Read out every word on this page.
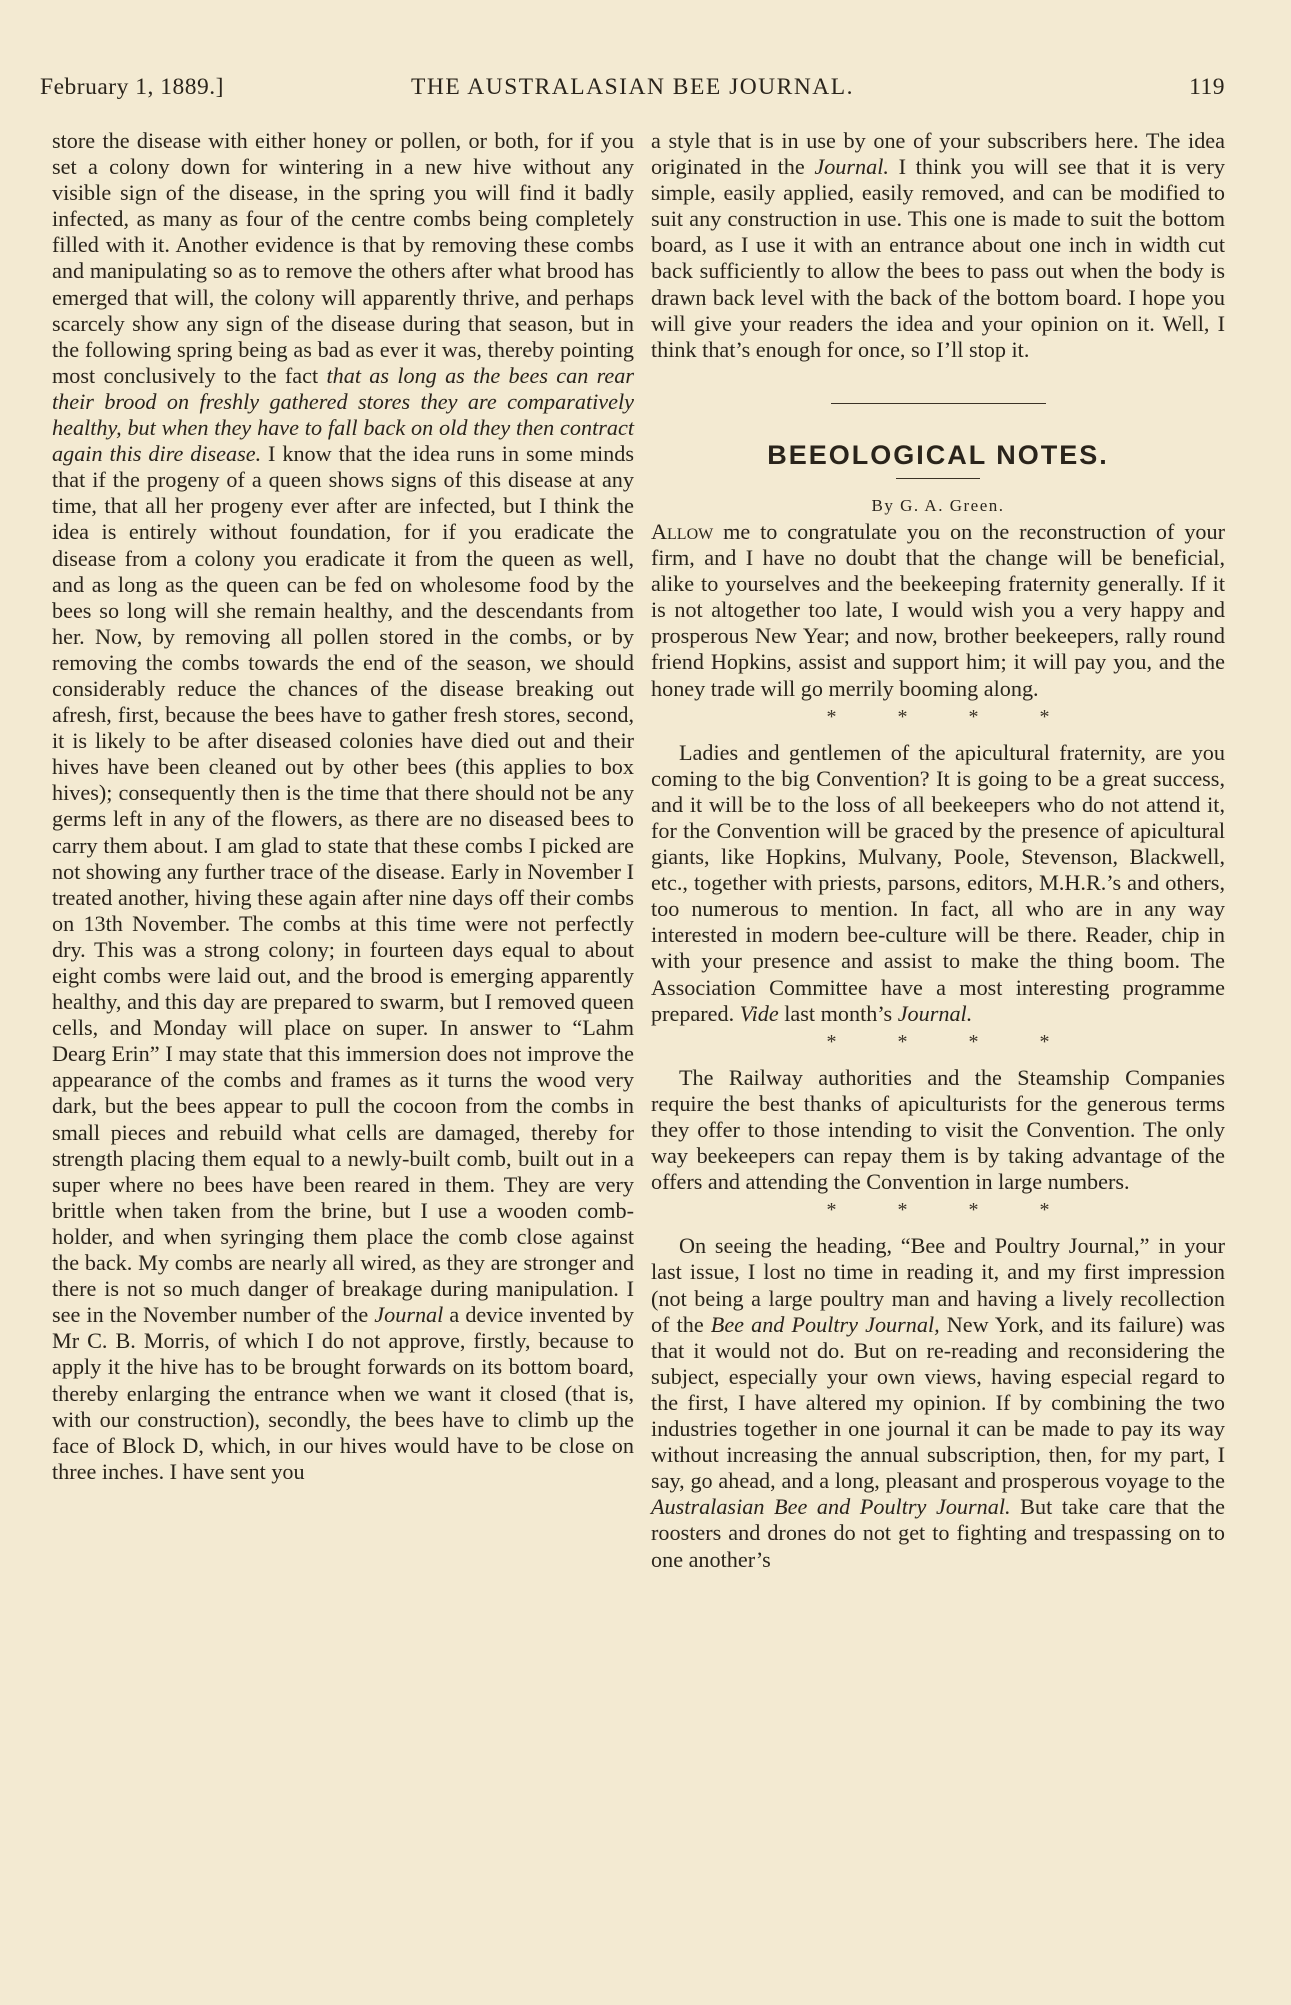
February 1, 1889.]	THE AUSTRALASIAN BEE JOURNAL.	119

store the disease with either honey or pollen, or both, for if you set a colony down for wintering in a new hive without any visible sign of the disease, in the spring you will find it badly infected, as many as four of the centre combs being completely filled with it. Another evidence is that by removing these combs and manipulating so as to remove the others after what brood has emerged that will, the colony will apparently thrive, and perhaps scarcely show any sign of the disease during that season, but in the following spring being as bad as ever it was, thereby pointing most conclusively to the fact that as long as the bees can rear their brood on freshly gathered stores they are comparatively healthy, but when they have to fall back on old they then contract again this dire disease. I know that the idea runs in some minds that if the progeny of a queen shows signs of this disease at any time, that all her progeny ever after are infected, but I think the idea is entirely without foundation, for if you eradicate the disease from a colony you eradicate it from the queen as well, and as long as the queen can be fed on wholesome food by the bees so long will she remain healthy, and the descendants from her. Now, by removing all pollen stored in the combs, or by removing the combs towards the end of the season, we should considerably reduce the chances of the disease breaking out afresh, first, because the bees have to gather fresh stores, second, it is likely to be after diseased colonies have died out and their hives have been cleaned out by other bees (this applies to box hives); consequently then is the time that there should not be any germs left in any of the flowers, as there are no diseased bees to carry them about. I am glad to state that these combs I picked are not showing any further trace of the disease. Early in November I treated another, hiving these again after nine days off their combs on 13th November. The combs at this time were not perfectly dry. This was a strong colony; in fourteen days equal to about eight combs were laid out, and the brood is emerging apparently healthy, and this day are prepared to swarm, but I removed queen cells, and Monday will place on super. In answer to “Lahm Dearg Erin” I may state that this immersion does not improve the appearance of the combs and frames as it turns the wood very dark, but the bees appear to pull the cocoon from the combs in small pieces and rebuild what cells are damaged, thereby for strength placing them equal to a newly-built comb, built out in a super where no bees have been reared in them. They are very brittle when taken from the brine, but I use a wooden comb-holder, and when syringing them place the comb close against the back. My combs are nearly all wired, as they are stronger and there is not so much danger of breakage during manipulation. I see in the November number of the Journal a device invented by Mr C. B. Morris, of which I do not approve, firstly, because to apply it the hive has to be brought forwards on its bottom board, thereby enlarging the entrance when we want it closed (that is, with our construction), secondly, the bees have to climb up the face of Block D, which, in our hives would have to be close on three inches. I have sent you

a style that is in use by one of your subscribers here. The idea originated in the Journal. I think you will see that it is very simple, easily applied, easily removed, and can be modified to suit any construction in use. This one is made to suit the bottom board, as I use it with an entrance about one inch in width cut back sufficiently to allow the bees to pass out when the body is drawn back level with the back of the bottom board. I hope you will give your readers the idea and your opinion on it. Well, I think that’s enough for once, so I’ll stop it.

BEEOLOGICAL NOTES.

By G. A. Green.

Allow me to congratulate you on the reconstruction of your firm, and I have no doubt that the change will be beneficial, alike to yourselves and the beekeeping fraternity generally. If it is not altogether too late, I would wish you a very happy and prosperous New Year; and now, brother beekeepers, rally round friend Hopkins, assist and support him; it will pay you, and the honey trade will go merrily booming along.

* * * *

Ladies and gentlemen of the apicultural fraternity, are you coming to the big Convention? It is going to be a great success, and it will be to the loss of all beekeepers who do not attend it, for the Convention will be graced by the presence of apicultural giants, like Hopkins, Mulvany, Poole, Stevenson, Blackwell, etc., together with priests, parsons, editors, M.H.R.’s and others, too numerous to mention. In fact, all who are in any way interested in modern bee-culture will be there. Reader, chip in with your presence and assist to make the thing boom. The Association Committee have a most interesting programme prepared. Vide last month’s Journal.

* * * *

The Railway authorities and the Steamship Companies require the best thanks of apiculturists for the generous terms they offer to those intending to visit the Convention. The only way beekeepers can repay them is by taking advantage of the offers and attending the Convention in large numbers.

* * * *

On seeing the heading, “Bee and Poultry Journal,” in your last issue, I lost no time in reading it, and my first impression (not being a large poultry man and having a lively recollection of the Bee and Poultry Journal, New York, and its failure) was that it would not do. But on re-reading and reconsidering the subject, especially your own views, having especial regard to the first, I have altered my opinion. If by combining the two industries together in one journal it can be made to pay its way without increasing the annual subscription, then, for my part, I say, go ahead, and a long, pleasant and prosperous voyage to the Australasian Bee and Poultry Journal. But take care that the roosters and drones do not get to fighting and trespassing on to one another’s
